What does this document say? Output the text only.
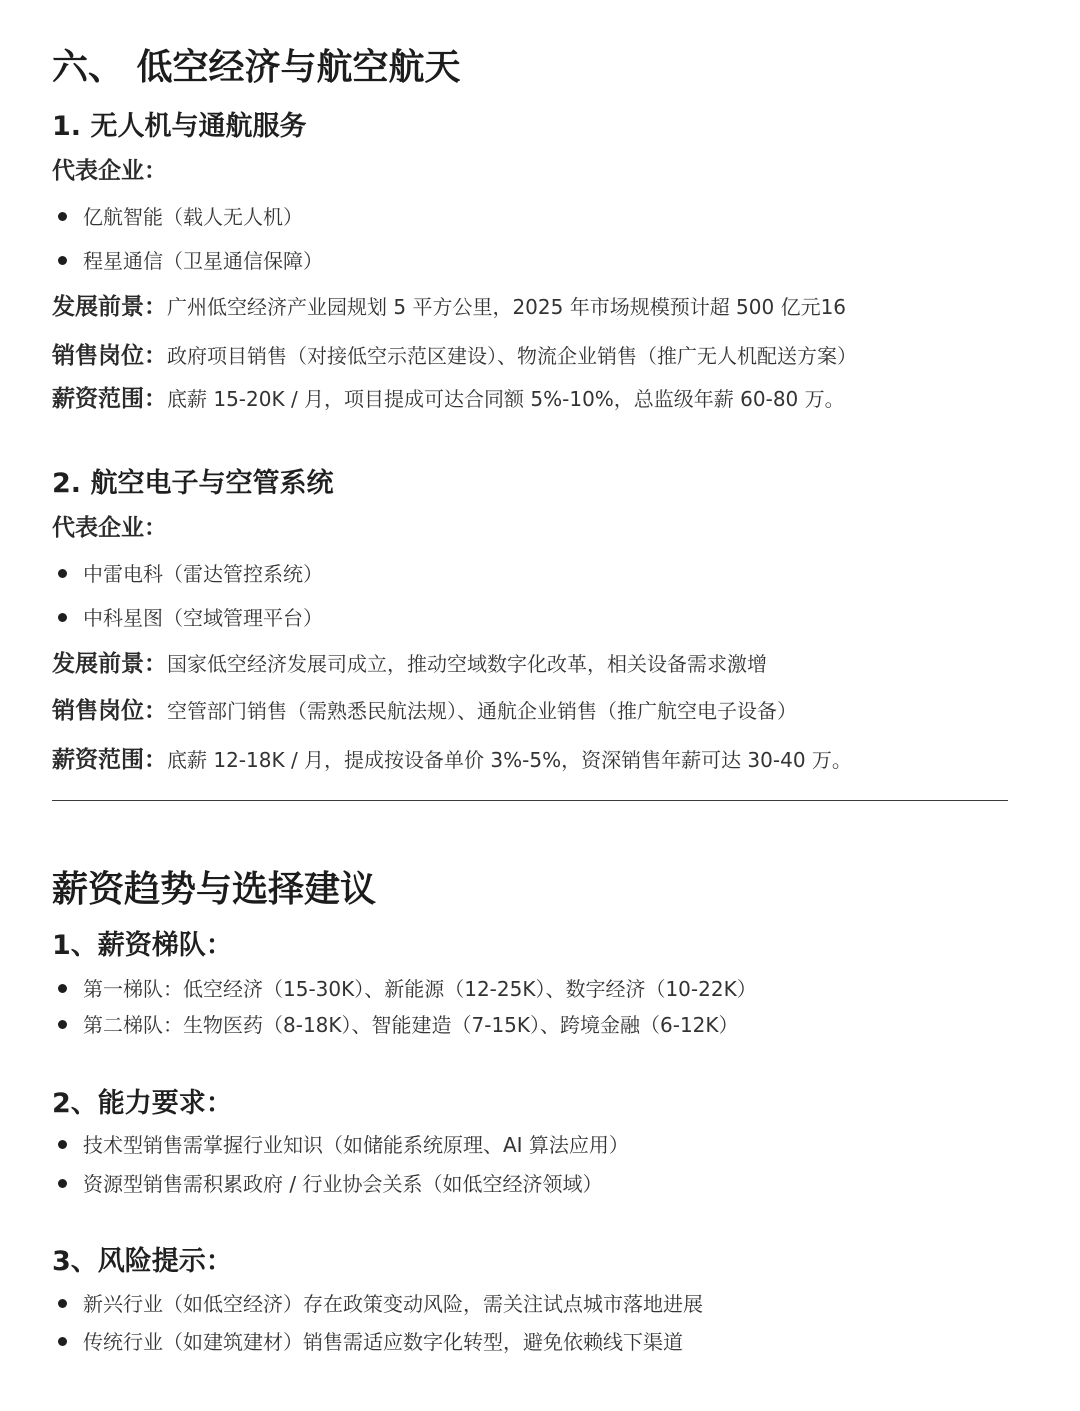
六、 低空经济与航空航天
1. 无人机与通航服务
代表企业：
亿航智能（载人无人机）
程星通信（卫星通信保障）
发展前景：广州低空经济产业园规划 5 平方公里，2025 年市场规模预计超 500 亿元16
销售岗位：政府项目销售（对接低空示范区建设）、物流企业销售（推广无人机配送方案）
薪资范围：底薪 15-20K / 月，项目提成可达合同额 5%-10%，总监级年薪 60-80 万。
2. 航空电子与空管系统
代表企业：
中雷电科（雷达管控系统）
中科星图（空域管理平台）
发展前景：国家低空经济发展司成立，推动空域数字化改革，相关设备需求激增
销售岗位：空管部门销售（需熟悉民航法规）、通航企业销售（推广航空电子设备）
薪资范围：底薪 12-18K / 月，提成按设备单价 3%-5%，资深销售年薪可达 30-40 万。
薪资趋势与选择建议
1、薪资梯队：
第一梯队：低空经济（15-30K）、新能源（12-25K）、数字经济（10-22K）
第二梯队：生物医药（8-18K）、智能建造（7-15K）、跨境金融（6-12K）
2、能力要求：
技术型销售需掌握行业知识（如储能系统原理、AI 算法应用）
资源型销售需积累政府 / 行业协会关系（如低空经济领域）
3、风险提示：
新兴行业（如低空经济）存在政策变动风险，需关注试点城市落地进展
传统行业（如建筑建材）销售需适应数字化转型，避免依赖线下渠道
